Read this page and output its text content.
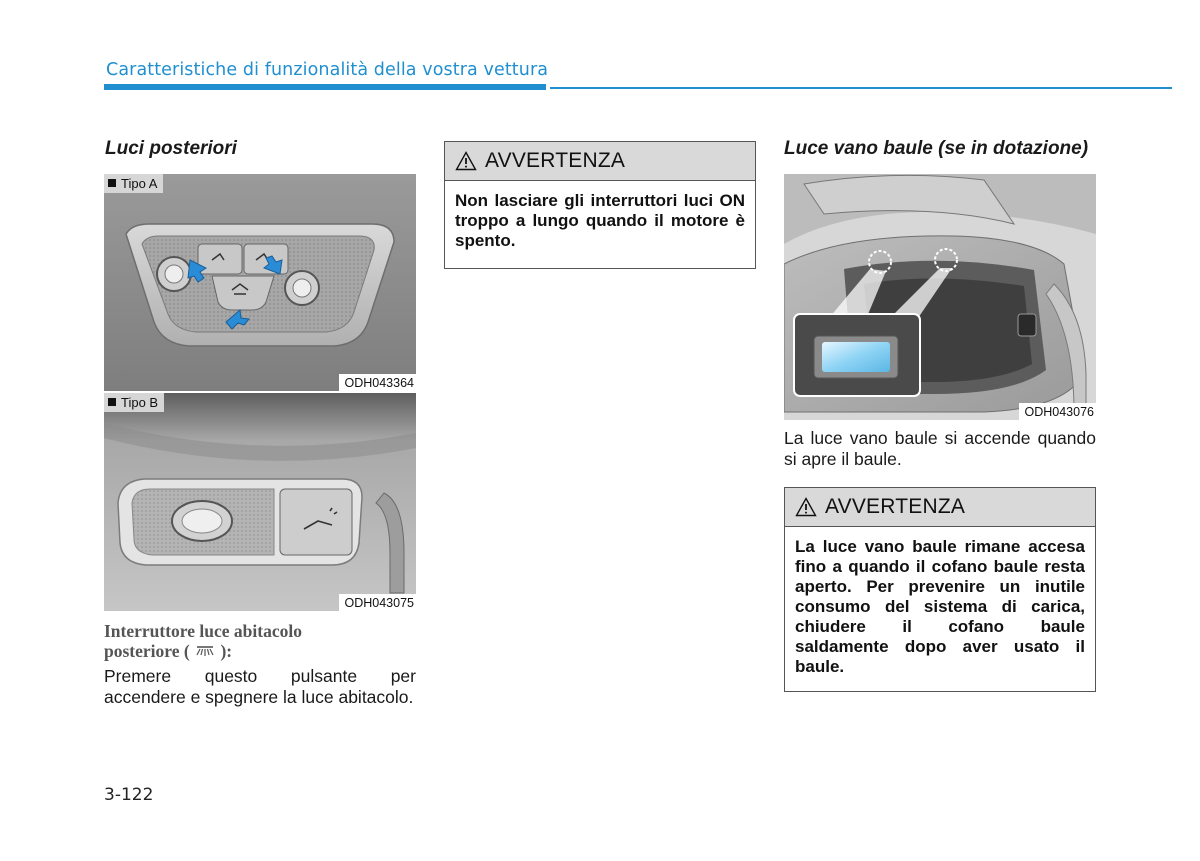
Caratteristiche di funzionalità della vostra vettura
Luci posteriori
Tipo A
ODH043364
Tipo B
ODH043075
Interruttore luce abitacolo
posteriore (  ):
Premere questo pulsante per accendere e spegnere la luce abitacolo.
AVVERTENZA
Non lasciare gli interruttori luci ON troppo a lungo quando il motore è spento.
Luce vano baule (se in dotazione)
ODH043076
La luce vano baule si accende quando si apre il baule.
AVVERTENZA
La luce vano baule rimane accesa fino a quando il cofano baule resta aperto. Per prevenire un inutile consumo del sistema di carica, chiudere il cofano baule saldamente dopo aver usato il baule.
3-122
